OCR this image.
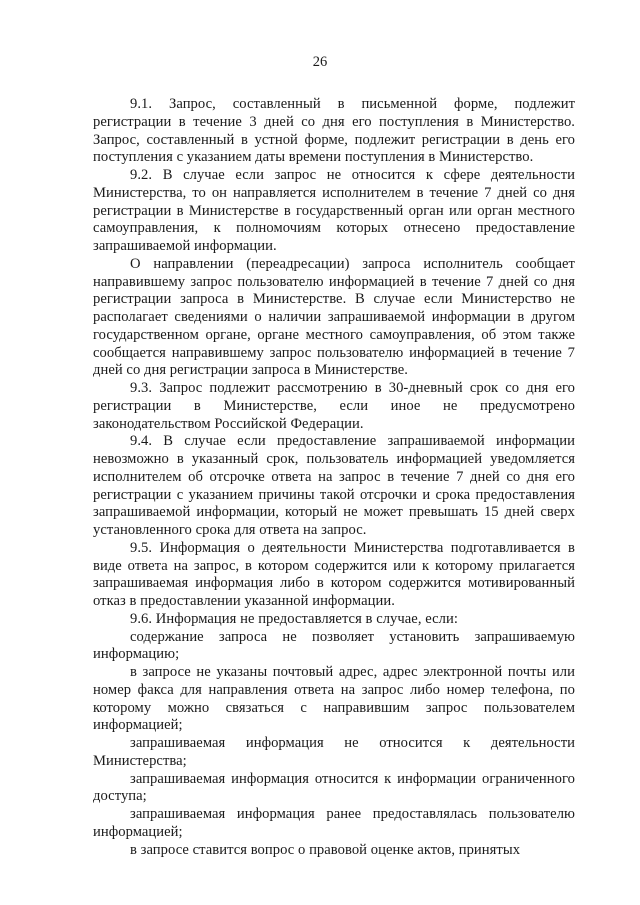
26

9.1. Запрос, составленный в письменной форме, подлежит регистрации в течение 3 дней со дня его поступления в Министерство. Запрос, составленный в устной форме, подлежит регистрации в день его поступления с указанием даты времени поступления в Министерство.

9.2. В случае если запрос не относится к сфере деятельности Министерства, то он направляется исполнителем в течение 7 дней со дня регистрации в Министерстве в государственный орган или орган местного самоуправления, к полномочиям которых отнесено предоставление запрашиваемой информации.

О направлении (переадресации) запроса исполнитель сообщает направившему запрос пользователю информацией в течение 7 дней со дня регистрации запроса в Министерстве. В случае если Министерство не располагает сведениями о наличии запрашиваемой информации в другом государственном органе, органе местного самоуправления, об этом также сообщается направившему запрос пользователю информацией в течение 7 дней со дня регистрации запроса в Министерстве.

9.3. Запрос подлежит рассмотрению в 30-дневный срок со дня его регистрации в Министерстве, если иное не предусмотрено законодательством Российской Федерации.

9.4. В случае если предоставление запрашиваемой информации невозможно в указанный срок, пользователь информацией уведомляется исполнителем об отсрочке ответа на запрос в течение 7 дней со дня его регистрации с указанием причины такой отсрочки и срока предоставления запрашиваемой информации, который не может превышать 15 дней сверх установленного срока для ответа на запрос.

9.5. Информация о деятельности Министерства подготавливается в виде ответа на запрос, в котором содержится или к которому прилагается запрашиваемая информация либо в котором содержится мотивированный отказ в предоставлении указанной информации.

9.6. Информация не предоставляется в случае, если:

содержание запроса не позволяет установить запрашиваемую информацию;

в запросе не указаны почтовый адрес, адрес электронной почты или номер факса для направления ответа на запрос либо номер телефона, по которому можно связаться с направившим запрос пользователем информацией;

запрашиваемая информация не относится к деятельности Министерства;

запрашиваемая информация относится к информации ограниченного доступа;

запрашиваемая информация ранее предоставлялась пользователю информацией;

в запросе ставится вопрос о правовой оценке актов, принятых
